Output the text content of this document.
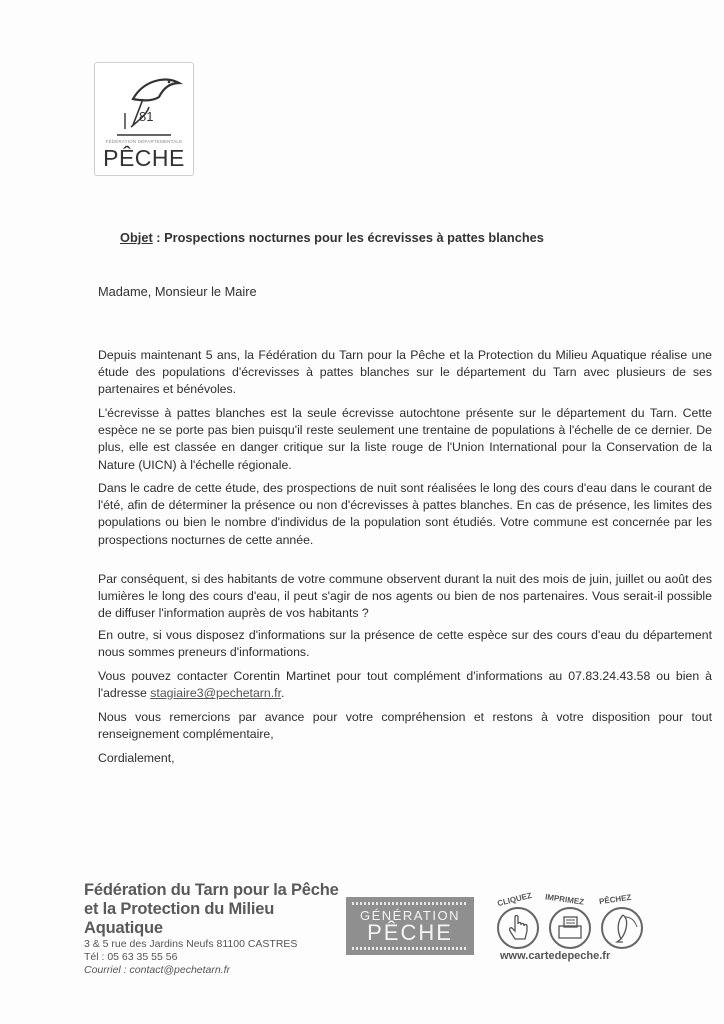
81
FÉDÉRATION DÉPARTEMENTALE
PÊCHE
Objet : Prospections nocturnes pour les écrevisses à pattes blanches
Madame, Monsieur le Maire
Depuis maintenant 5 ans, la Fédération du Tarn pour la Pêche et la Protection du Milieu Aquatique réalise une étude des populations d'écrevisses à pattes blanches sur le département du Tarn avec plusieurs de ses partenaires et bénévoles.
L'écrevisse à pattes blanches est la seule écrevisse autochtone présente sur le département du Tarn. Cette espèce ne se porte pas bien puisqu'il reste seulement une trentaine de populations à l'échelle de ce dernier. De plus, elle est classée en danger critique sur la liste rouge de l'Union International pour la Conservation de la Nature (UICN) à l'échelle régionale.
Dans le cadre de cette étude, des prospections de nuit sont réalisées le long des cours d'eau dans le courant de l'été, afin de déterminer la présence ou non d'écrevisses à pattes blanches. En cas de présence, les limites des populations ou bien le nombre d'individus de la population sont étudiés. Votre commune est concernée par les prospections nocturnes de cette année.
Par conséquent, si des habitants de votre commune observent durant la nuit des mois de juin, juillet ou août des lumières le long des cours d'eau, il peut s'agir de nos agents ou bien de nos partenaires. Vous serait-il possible de diffuser l'information auprès de vos habitants ?
En outre, si vous disposez d'informations sur la présence de cette espèce sur des cours d'eau du département nous sommes preneurs d'informations.
Vous pouvez contacter Corentin Martinet pour tout complément d'informations au 07.83.24.43.58 ou bien à l'adresse stagiaire3@pechetarn.fr.
Nous vous remercions par avance pour votre compréhension et restons à votre disposition pour tout renseignement complémentaire,
Cordialement,
Fédération du Tarn pour la Pêche
et la Protection du Milieu Aquatique
3 & 5 rue des Jardins Neufs 81100 CASTRES
Tél : 05 63 35 55 56
Courriel : contact@pechetarn.fr
GÉNÉRATION
PÊCHE
CLIQUEZ IMPRIMEZ PÊCHEZ
www.cartedepeche.fr
